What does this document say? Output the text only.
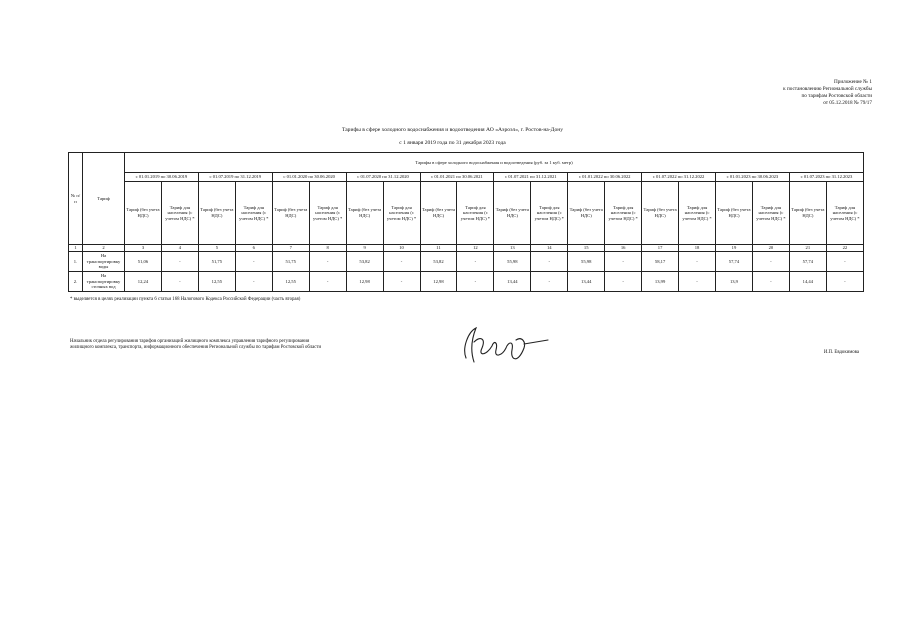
Приложение № 1
к постановлению Региональной службы
по тарифам Ростовской области
от 05.12.2018 № 79/17
Тарифы в сфере холодного водоснабжения и водоотведения АО «Аэроэл», г. Ростов-на-Дону
с 1 января 2019 года по 31 декабря 2023 года
№ п/п	Тариф	Тарифы в сфере холодного водоснабжения и водоотведения (руб. за 1 куб. метр)																			
		с 01.01.2019 по 30.06.2019		с 01.07.2019 по 31.12.2019		с 01.01.2020 по 30.06.2020		с 01.07.2020 по 31.12.2020		с 01.01.2021 по 30.06.2021		с 01.07.2021 по 31.12.2021		с 01.01.2022 по 30.06.2022		с 01.07.2022 по 31.12.2022		с 01.01.2023 по 30.06.2023		с 01.07.2023 по 31.12.2023	
		Тариф (без учета НДС)	Тариф для населения (с учетом НДС) *	Тариф (без учета НДС)	Тариф для населения (с учетом НДС) *	Тариф (без учета НДС)	Тариф для населения (с учетом НДС) *	Тариф (без учета НДС)	Тариф для населения (с учетом НДС) *	Тариф (без учета НДС)	Тариф для населения (с учетом НДС) *	Тариф (без учета НДС)	Тариф для населения (с учетом НДС) *	Тариф (без учета НДС)	Тариф для населения (с учетом НДС) *	Тариф (без учета НДС)	Тариф для населения (с учетом НДС) *	Тариф (без учета НДС)	Тариф для населения (с учетом НДС) *	Тариф (без учета НДС)	Тариф для населения (с учетом НДС) *
1	2	3	4	5	6	7	8	9	10	11	12	13	14	15	16	17	18	19	20	21	22
1.	На транспортировку воды	51,06	-	51,75	-	51,75	-	53,82	-	53,82	-	55,98	-	55,98	-	58,17	-	57,74	-	57,74	-
2.	На транспортировку сточных вод	12,24	-	12,55	-	12,55	-	12,98	-	12,98	-	13,44	-	13,44	-	13,99	-	13,9	-	14,44	-
* выделяется в целях реализации пункта 6 статьи 168 Налогового Кодекса Российской Федерации (часть вторая)
Начальник отдела регулирования тарифов организаций жилищного комплекса управления тарифного регулирования жилищного комплекса, транспорта, информационного обеспечения Региональной службы по тарифам Ростовской области
И.П. Евдокимова
